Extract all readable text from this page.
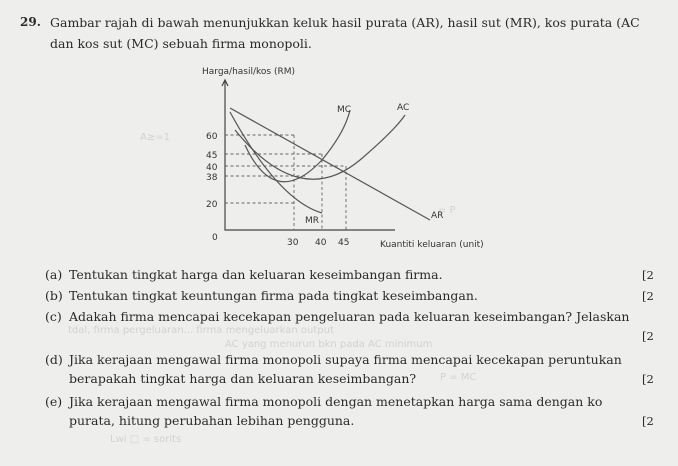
29. Gambar rajah di bawah menunjukkan keluk hasil purata (AR), hasil sut (MR), kos purata (AC
dan kos sut (MC) sebuah firma monopoli.
A≥=1
= P
Harga/hasil/kos (RM)
Kuantiti keluaran (unit)
0
60
45
40
38
20
30 40 45
MC	AC
AR
MR
(a) Tentukan tingkat harga dan keluaran keseimbangan firma.	[2
(b) Tentukan tingkat keuntungan firma pada tingkat keseimbangan.	[2
(c) Adakah firma mencapai kecekapan pengeluaran pada keluaran keseimbangan? Jelaskan
tdal, firma pergeluaran... firma mengeluarkan output	[2
AC yang menurun bkn pada AC minimum
(d) Jika kerajaan mengawal firma monopoli supaya firma mencapai kecekapan peruntukan
berapakah tingkat harga dan keluaran keseimbangan? P = MC	[2
(e) Jika kerajaan mengawal firma monopoli dengan menetapkan harga sama dengan ko
purata, hitung perubahan lebihan pengguna.	[2
Lwi □ = sorits
